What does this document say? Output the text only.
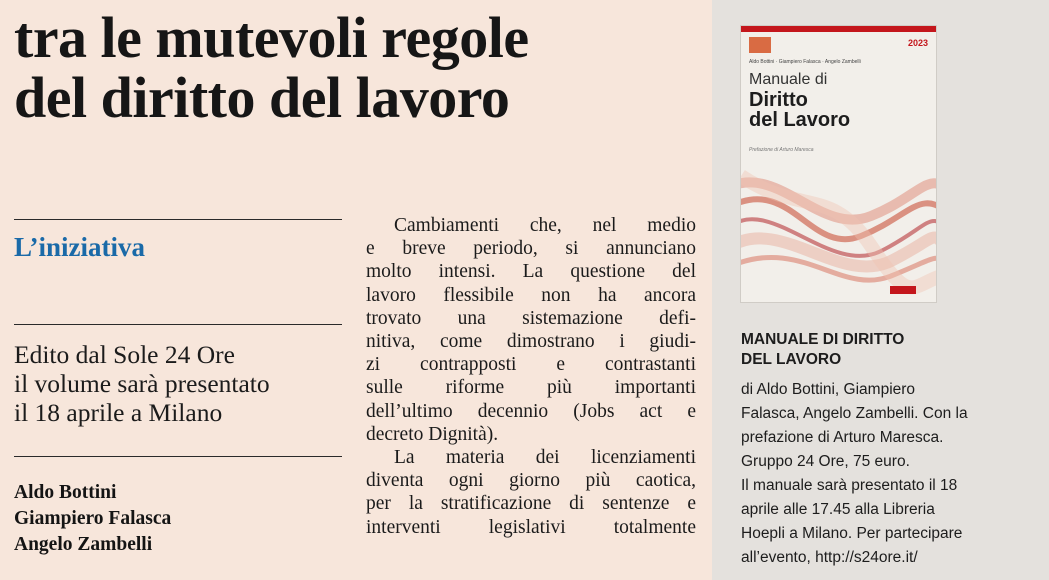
tra le mutevoli regole
del diritto del lavoro
L’iniziativa
Edito dal Sole 24 Ore
il volume sarà presentato
il 18 aprile a Milano
Aldo Bottini
Giampiero Falasca
Angelo Zambelli
Cambiamenti che, nel medio
e breve periodo, si annunciano
molto intensi. La questione del
lavoro flessibile non ha ancora
trovato una sistemazione defi-
nitiva, come dimostrano i giudi-
zi contrapposti e contrastanti
sulle riforme più importanti
dell’ultimo decennio (Jobs act e
decreto Dignità).
La materia dei licenziamenti
diventa ogni giorno più caotica,
per la stratificazione di sentenze e
interventi legislativi totalmente
2023
Aldo Bottini · Giampiero Falasca · Angelo Zambelli
Manuale di
Diritto
del Lavoro
Prefazione di Arturo Maresca
MANUALE DI DIRITTO
DEL LAVORO
di Aldo Bottini, Giampiero
Falasca, Angelo Zambelli. Con la
prefazione di Arturo Maresca.
Gruppo 24 Ore, 75 euro.
Il manuale sarà presentato il 18
aprile alle 17.45 alla Libreria
Hoepli a Milano. Per partecipare
all’evento, http://s24ore.it/
